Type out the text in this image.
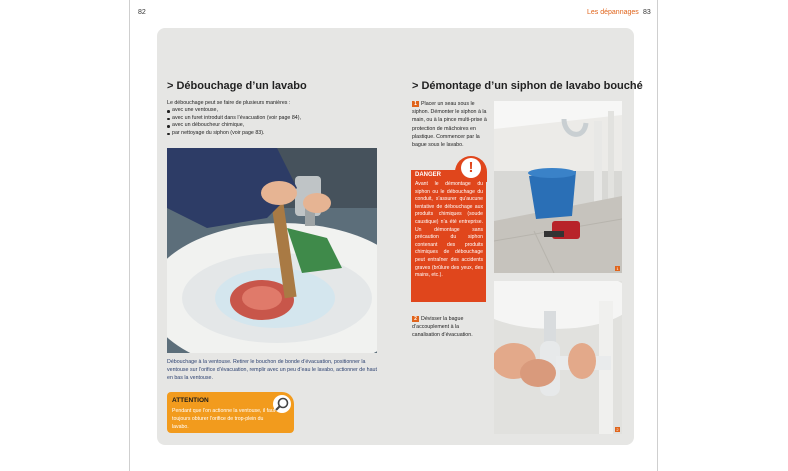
82	Les dépannages 83
> Débouchage d’un lavabo

Le débouchage peut se faire de plusieurs manières :

avec une ventouse,
avec un furet introduit dans l’évacuation (voir page 84),
avec un déboucheur chimique,
par nettoyage du siphon (voir page 83).
Débouchage à la ventouse. Retirer le bouchon de bonde d’évacuation, positionner la ventouse sur l’orifice d’évacuation, remplir avec un peu d’eau le lavabo, actionner de haut en bas la ventouse.
ATTENTION
Pendant que l’on actionne la ventouse, il faut toujours obturer l’orifice de trop-plein du lavabo.
> Démontage d’un siphon de lavabo bouché
1 Placer un seau sous le siphon. Démonter le siphon à la main, ou à la pince multi-prise à protection de mâchoires en plastique. Commencer par la bague sous le lavabo.
!
DANGER
Avant le démontage du siphon ou le débouchage du conduit, s’assurer qu’aucune tentative de débouchage aux produits chimiques (soude caustique) n’a été entreprise. Un démontage sans précaution du siphon contenant des produits chimiques de débouchage peut entraîner des accidents graves (brûlure des yeux, des mains, etc.).
2 Dévisser la bague d’accouplement à la canalisation d’évacuation.
1
2
